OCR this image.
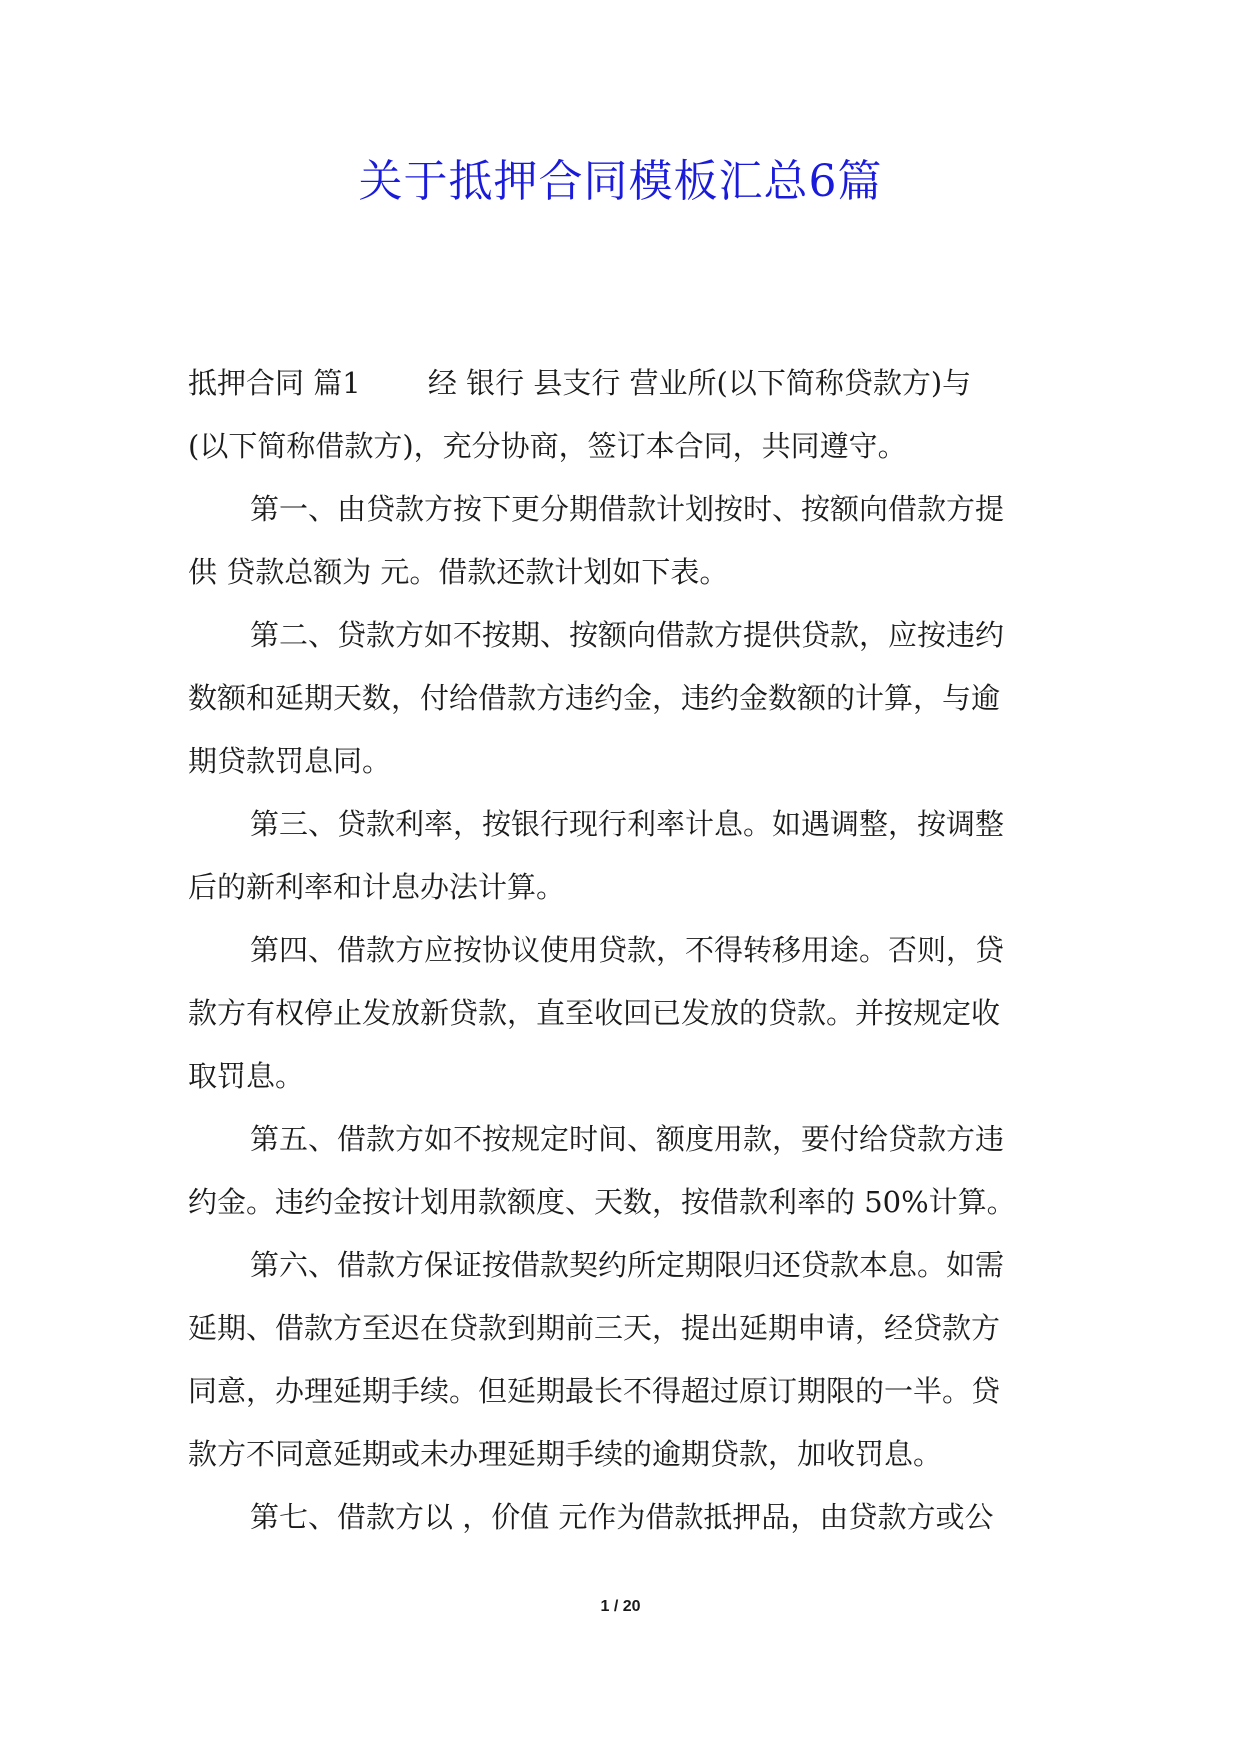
关于抵押合同模板汇总6篇

抵押合同 篇1　　 经 银行 县支行 营业所(以下简称贷款方)与
(以下简称借款方)，充分协商，签订本合同，共同遵守。

第一、由贷款方按下更分期借款计划按时、按额向借款方提
供 贷款总额为 元。借款还款计划如下表。

第二、贷款方如不按期、按额向借款方提供贷款，应按违约
数额和延期天数，付给借款方违约金，违约金数额的计算，与逾
期贷款罚息同。

第三、贷款利率，按银行现行利率计息。如遇调整，按调整
后的新利率和计息办法计算。

第四、借款方应按协议使用贷款，不得转移用途。否则，贷
款方有权停止发放新贷款，直至收回已发放的贷款。并按规定收
取罚息。

第五、借款方如不按规定时间、额度用款，要付给贷款方违
约金。违约金按计划用款额度、天数，按借款利率的 50%计算。

第六、借款方保证按借款契约所定期限归还贷款本息。如需
延期、借款方至迟在贷款到期前三天，提出延期申请，经贷款方
同意，办理延期手续。但延期最长不得超过原订期限的一半。贷
款方不同意延期或未办理延期手续的逾期贷款，加收罚息。

第七、借款方以 ，价值 元作为借款抵押品，由贷款方或公

1 / 20
